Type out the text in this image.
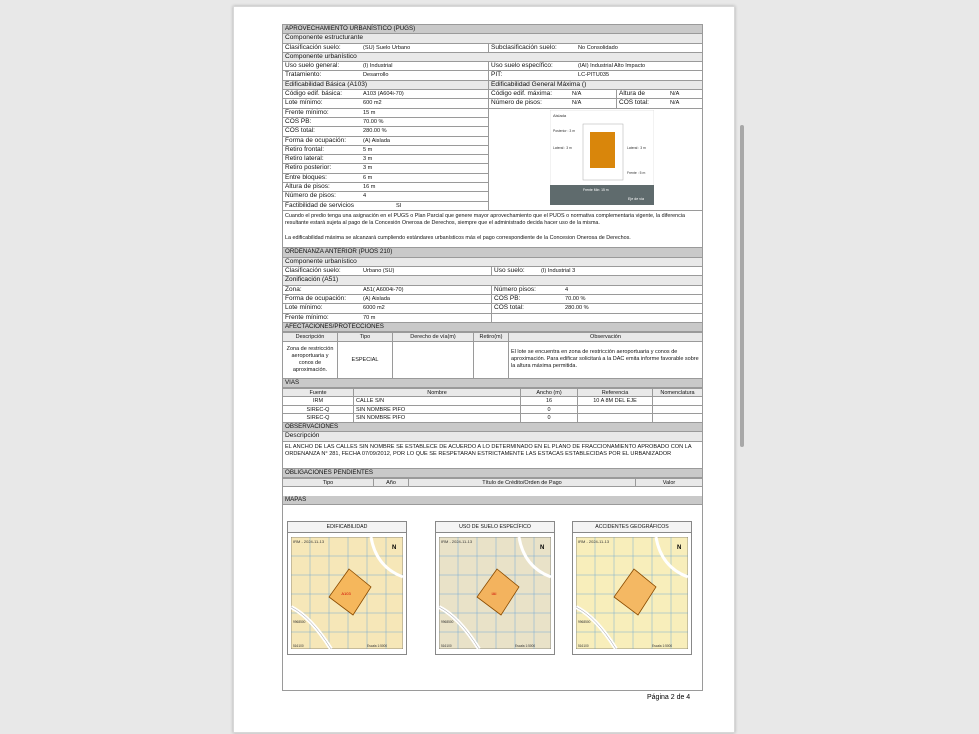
APROVECHAMIENTO URBANÍSTICO (PUGS)
Componente estructurante
Clasificación suelo:	(SU) Suelo Urbano	Subclasificación suelo:	No Consolidado
Componente urbanístico
Uso suelo general:	(I) Industrial	Uso suelo específico:	(IAI) Industrial Alto Impacto
Tratamiento:	Desarrollo	PIT:	LC-PITU035
Edificabilidad Básica (A103)	Edificabilidad General Máxima ()
Código edif. básica:	A103 (A604i-70)	Código edif. máxima:	N/A	Altura de	N/A
Lote mínimo:	600 m2	Número de pisos:	N/A	COS total:	N/A
Frente mínimo:	15 m
COS PB:	70.00 %
COS total:	280.00 %
Forma de ocupación:	(A) Aislada
Retiro frontal:	5 m
Retiro lateral:	3 m
Retiro posterior:	3 m
Entre bloques:	6 m
Altura de pisos:	16 m
Número de pisos:	4
Factibilidad de servicios	SI
Aislada
Posterior : 3 m
Lateral : 3 m	Lateral : 3 m
Frente : 5 m
Frente Min: 15 m
Eje de vía
Cuando el predio tenga una asignación en el PUGS o Plan Parcial que genere mayor aprovechamiento que el PUOS o normativa complementaria vigente, la diferencia resultante estará sujeta al pago de la Concesión Onerosa de Derechos, siempre que el administrado decida hacer uso de la misma.
La edificabilidad máxima se alcanzará cumpliendo estándares urbanísticos más el pago correspondiente de la Concesion Onerosa de Derechos.
ORDENANZA ANTERIOR (PUOS 210)
Componente urbanístico
Clasificación suelo:	Urbano (SU)	Uso suelo:	(I) Industrial 3
Zonificación (A51)
Zona:	A51( A6004i-70)	Número pisos:	4
Forma de ocupación:	(A) Aislada	COS PB:	70.00 %
Lote mínimo:	6000 m2	COS total:	280.00 %
Frente mínimo:	70 m
AFECTACIONES/PROTECCIONES
Descripción	Tipo	Derecho de vía(m)	Retiro(m)	Observación
Zona de restricción aeroportuaria y conos de aproximación.	ESPECIAL			El lote se encuentra en zona de restricción aeroportuaria y conos de aproximación. Para edificar solicitará a la DAC emita informe favorable sobre la altura máxima permitida.
VIAS
Fuente	Nombre	Ancho (m)	Referencia	Nomenclatura
IRM	CALLE S/N	16	10 A 8M DEL EJE	
SIREC-Q	SIN NOMBRE PIFO	0		
SIREC-Q	SIN NOMBRE PIFO	0		
OBSERVACIONES
Descripción
EL ANCHO DE LAS CALLES SIN NOMBRE SE ESTABLECE DE ACUERDO A LO DETERMINADO EN EL PLANO DE FRACCIONAMIENTO APROBADO CON LA ORDENANZA N° 281, FECHA 07/09/2012, POR LO QUE SE RESPETARAN ESTRICTAMENTE LAS ESTACAS ESTABLECIDAS POR EL URBANIZADOR
OBLIGACIONES PENDIENTES
Tipo	Año	Título de Crédito/Orden de Pago	Valor
MAPAS
EDIFICABILIDAD
IRM - 2024-11-13
N
A103
9968500
516100	Escala 1:5000
USO DE SUELO ESPECÍFICO
IRM - 2024-11-13
N
IAI
9968500
516100	Escala 1:5000
ACCIDENTES GEOGRÁFICOS
IRM - 2024-11-13
N
9968500
516100	Escala 1:5000
Página 2 de 4
